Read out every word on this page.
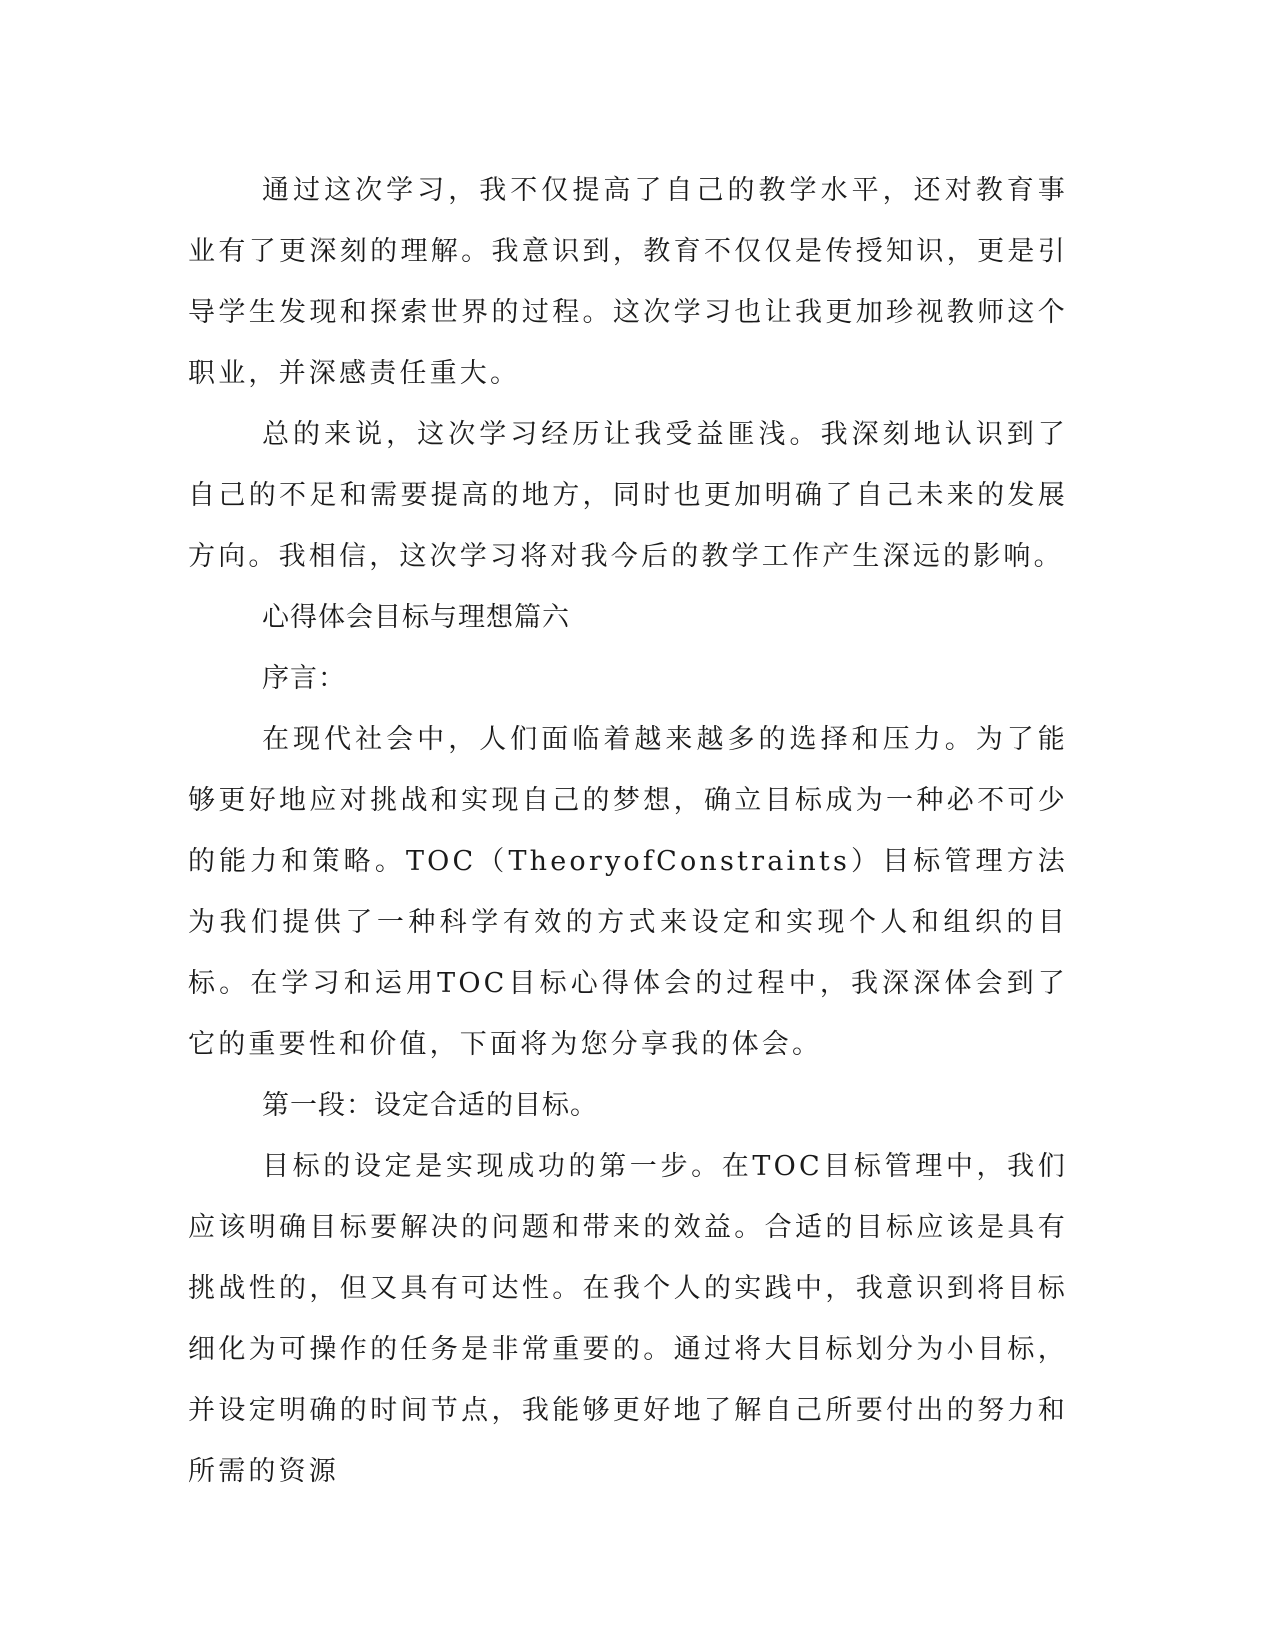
通过这次学习，我不仅提高了自己的教学水平，还对教育事业有了更深刻的理解。我意识到，教育不仅仅是传授知识，更是引导学生发现和探索世界的过程。这次学习也让我更加珍视教师这个职业，并深感责任重大。

总的来说，这次学习经历让我受益匪浅。我深刻地认识到了自己的不足和需要提高的地方，同时也更加明确了自己未来的发展方向。我相信，这次学习将对我今后的教学工作产生深远的影响。

心得体会目标与理想篇六

序言：

在现代社会中，人们面临着越来越多的选择和压力。为了能够更好地应对挑战和实现自己的梦想，确立目标成为一种必不可少的能力和策略。TOC（TheoryofConstraints）目标管理方法为我们提供了一种科学有效的方式来设定和实现个人和组织的目标。在学习和运用TOC目标心得体会的过程中，我深深体会到了它的重要性和价值，下面将为您分享我的体会。

第一段：设定合适的目标。

目标的设定是实现成功的第一步。在TOC目标管理中，我们应该明确目标要解决的问题和带来的效益。合适的目标应该是具有挑战性的，但又具有可达性。在我个人的实践中，我意识到将目标细化为可操作的任务是非常重要的。通过将大目标划分为小目标，并设定明确的时间节点，我能够更好地了解自己所要付出的努力和所需的资源
